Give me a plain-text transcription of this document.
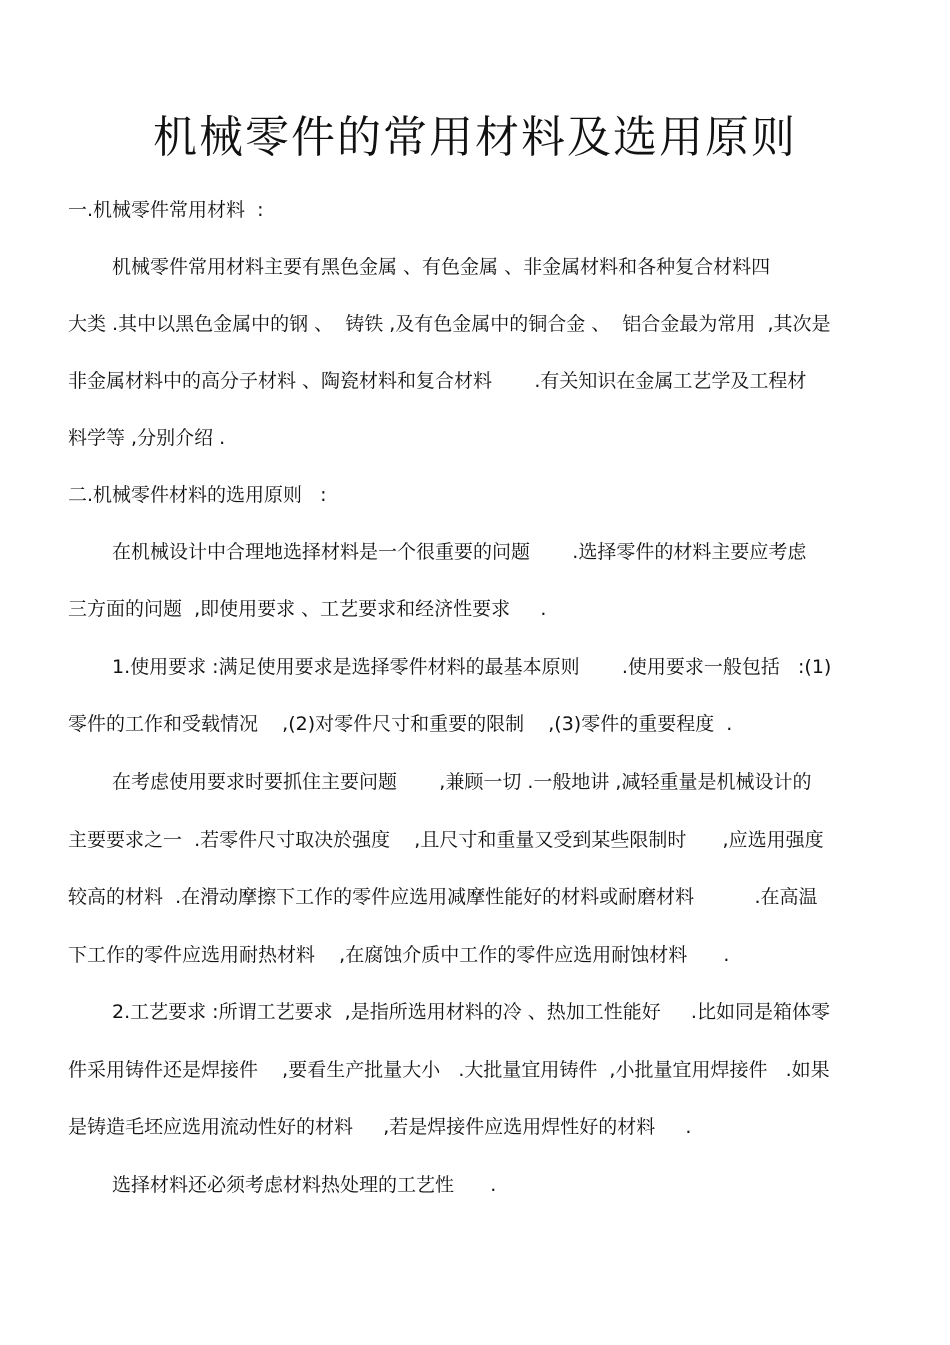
机械零件的常用材料及选用原则
一.机械零件常用材料  :
机械零件常用材料主要有黑色金属 、有色金属 、非金属材料和各种复合材料四
大类 .其中以黑色金属中的钢 、  铸铁 ,及有色金属中的铜合金 、  铝合金最为常用  ,其次是
非金属材料中的高分子材料 、陶瓷材料和复合材料       .有关知识在金属工艺学及工程材
料学等 ,分别介绍 .
二.机械零件材料的选用原则   :
在机械设计中合理地选择材料是一个很重要的问题       .选择零件的材料主要应考虑
三方面的问题  ,即使用要求 、工艺要求和经济性要求     .
1.使用要求 :满足使用要求是选择零件材料的最基本原则       .使用要求一般包括   :(1)
零件的工作和受载情况    ,(2)对零件尺寸和重要的限制    ,(3)零件的重要程度  .
在考虑使用要求时要抓住主要问题       ,兼顾一切 .一般地讲 ,减轻重量是机械设计的
主要要求之一  .若零件尺寸取决於强度    ,且尺寸和重量又受到某些限制时      ,应选用强度
较高的材料  .在滑动摩擦下工作的零件应选用减摩性能好的材料或耐磨材料          .在高温
下工作的零件应选用耐热材料    ,在腐蚀介质中工作的零件应选用耐蚀材料      .
2.工艺要求 :所谓工艺要求  ,是指所选用材料的冷 、热加工性能好     .比如同是箱体零
件采用铸件还是焊接件    ,要看生产批量大小   .大批量宜用铸件  ,小批量宜用焊接件   .如果
是铸造毛坯应选用流动性好的材料     ,若是焊接件应选用焊性好的材料     .
选择材料还必须考虑材料热处理的工艺性      .
